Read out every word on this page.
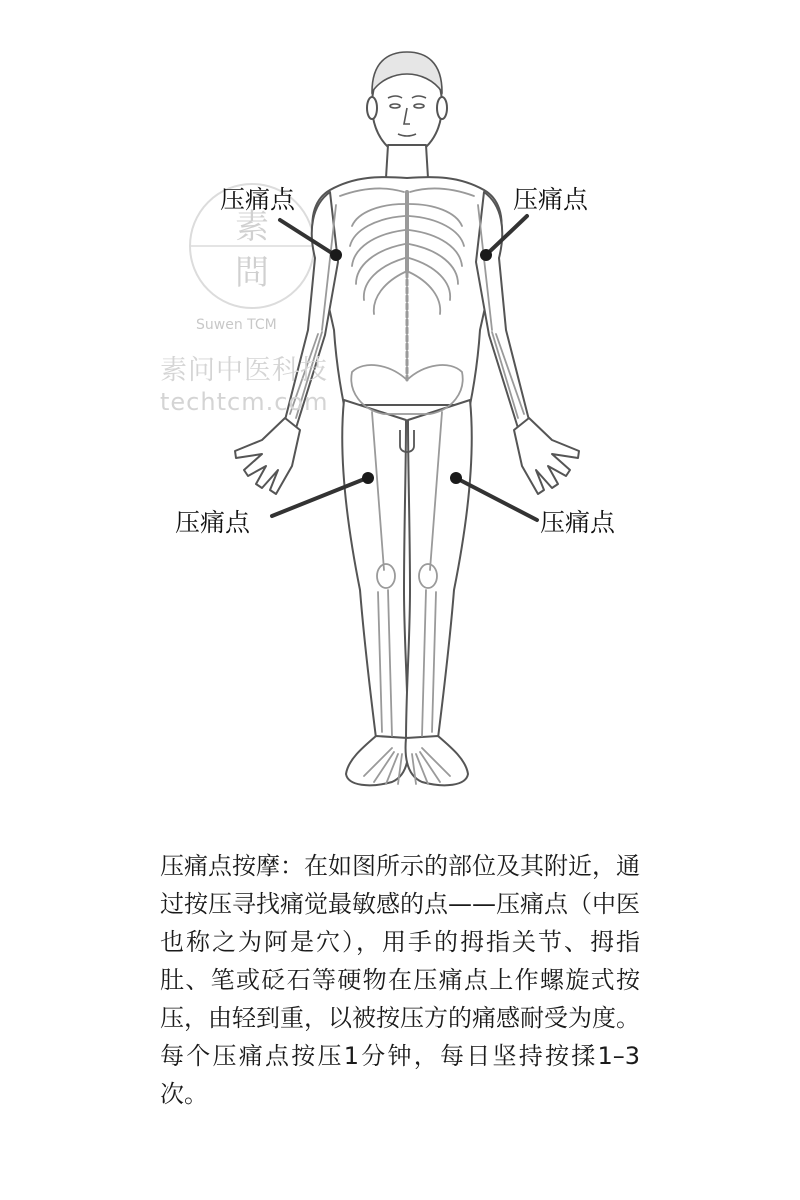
素
問
压痛点	压痛点
压痛点	压痛点
Suwen TCM
素问中医科技
techtcm.com

压痛点按摩：在如图所示的部位及其附近，通过按压寻找痛觉最敏感的点——压痛点（中医也称之为阿是穴），用手的拇指关节、拇指肚、笔或砭石等硬物在压痛点上作螺旋式按压，由轻到重，以被按压方的痛感耐受为度。每个压痛点按压1分钟，每日坚持按揉1–3次。
